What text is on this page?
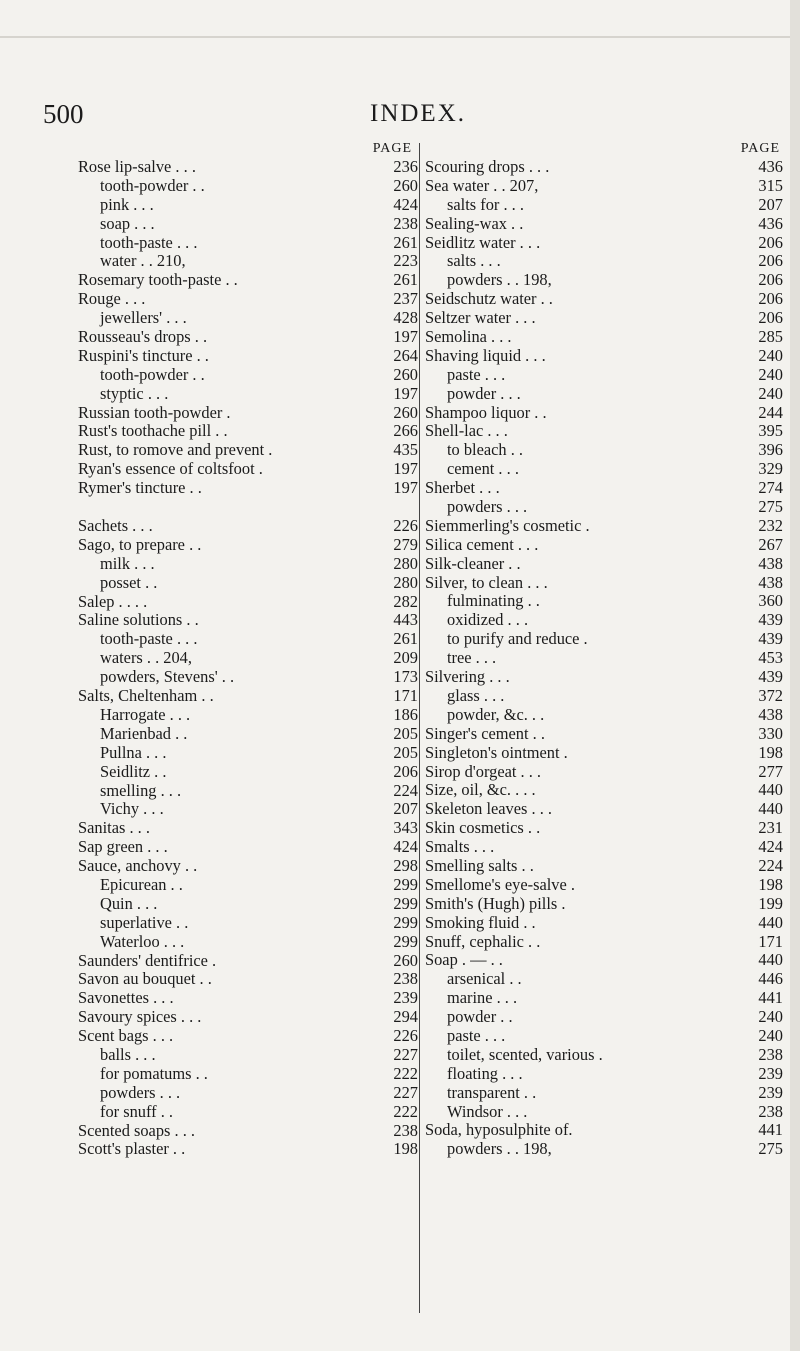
500	INDEX.
PAGE
Rose lip-salve . . .	236
tooth-powder . .	260
pink . . .	424
soap . . .	238
tooth-paste . . .	261
water . . 210,	223
Rosemary tooth-paste . .	261
Rouge . . .	237
jewellers' . . .	428
Rousseau's drops . .	197
Ruspini's tincture . .	264
tooth-powder . .	260
styptic . . .	197
Russian tooth-powder .	260
Rust's toothache pill . .	266
Rust, to romove and prevent .	435
Ryan's essence of coltsfoot .	197
Rymer's tincture . .	197
Sachets . . .	226
Sago, to prepare . .	279
milk . . .	280
posset . .	280
Salep . . . .	282
Saline solutions . .	443
tooth-paste . . .	261
waters . . 204,	209
powders, Stevens' . .	173
Salts, Cheltenham . .	171
Harrogate . . .	186
Marienbad . .	205
Pullna . . .	205
Seidlitz . .	206
smelling . . .	224
Vichy . . .	207
Sanitas . . .	343
Sap green . . .	424
Sauce, anchovy . .	298
Epicurean . .	299
Quin . . .	299
superlative . .	299
Waterloo . . .	299
Saunders' dentifrice .	260
Savon au bouquet . .	238
Savonettes . . .	239
Savoury spices . . .	294
Scent bags . . .	226
balls . . .	227
for pomatums . .	222
powders . . .	227
for snuff . .	222
Scented soaps . . .	238
Scott's plaster . .	198
PAGE
Scouring drops . . .	436
Sea water . . 207,	315
salts for . . .	207
Sealing-wax . .	436
Seidlitz water . . .	206
salts . . .	206
powders . . 198,	206
Seidschutz water . .	206
Seltzer water . . .	206
Semolina . . .	285
Shaving liquid . . .	240
paste . . .	240
powder . . .	240
Shampoo liquor . .	244
Shell-lac . . .	395
to bleach . .	396
cement . . .	329
Sherbet . . .	274
powders . . .	275
Siemmerling's cosmetic .	232
Silica cement . . .	267
Silk-cleaner . .	438
Silver, to clean . . .	438
fulminating . .	360
oxidized . . .	439
to purify and reduce .	439
tree . . .	453
Silvering . . .	439
glass . . .	372
powder, &c. . .	438
Singer's cement . .	330
Singleton's ointment .	198
Sirop d'orgeat . . .	277
Size, oil, &c. . . .	440
Skeleton leaves . . .	440
Skin cosmetics . .	231
Smalts . . .	424
Smelling salts . .	224
Smellome's eye-salve .	198
Smith's (Hugh) pills .	199
Smoking fluid . .	440
Snuff, cephalic . .	171
Soap . — . .	440
arsenical . .	446
marine . . .	441
powder . .	240
paste . . .	240
toilet, scented, various .	238
floating . . .	239
transparent . .	239
Windsor . . .	238
Soda, hyposulphite of.	441
powders . . 198,	275
